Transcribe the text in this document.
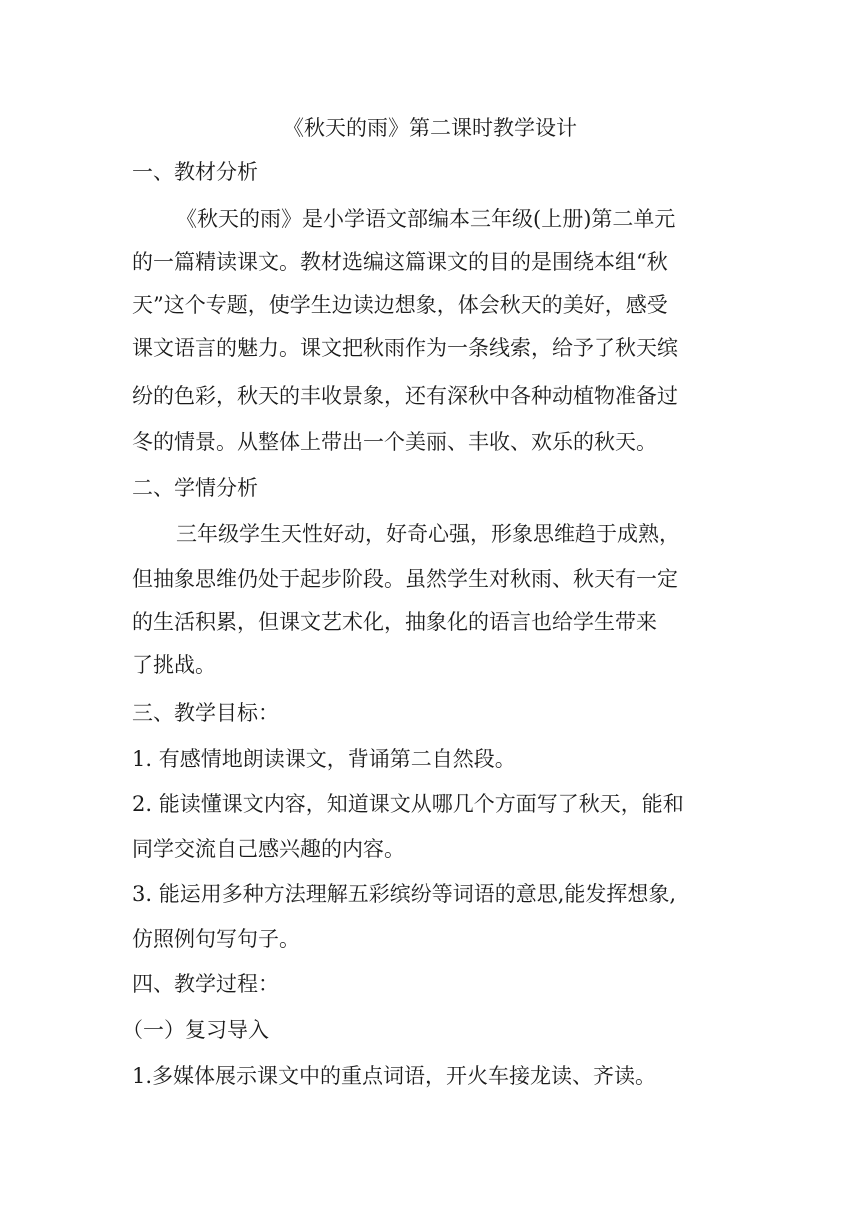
《秋天的雨》第二课时教学设计
一、教材分析
《秋天的雨》是小学语文部编本三年级(上册)第二单元
的一篇精读课文。教材选编这篇课文的目的是围绕本组“秋
天”这个专题，使学生边读边想象，体会秋天的美好，感受
课文语言的魅力。课文把秋雨作为一条线索，给予了秋天缤
纷的色彩，秋天的丰收景象，还有深秋中各种动植物准备过
冬的情景。从整体上带出一个美丽、丰收、欢乐的秋天。
二、学情分析
三年级学生天性好动，好奇心强，形象思维趋于成熟，
但抽象思维仍处于起步阶段。虽然学生对秋雨、秋天有一定
的生活积累，但课文艺术化，抽象化的语言也给学生带来
了挑战。
三、教学目标：
1. 有感情地朗读课文，背诵第二自然段。
2. 能读懂课文内容，知道课文从哪几个方面写了秋天，能和
同学交流自己感兴趣的内容。
3. 能运用多种方法理解五彩缤纷等词语的意思,能发挥想象,
仿照例句写句子。
四、教学过程：
（一）复习导入
1.多媒体展示课文中的重点词语，开火车接龙读、齐读。
